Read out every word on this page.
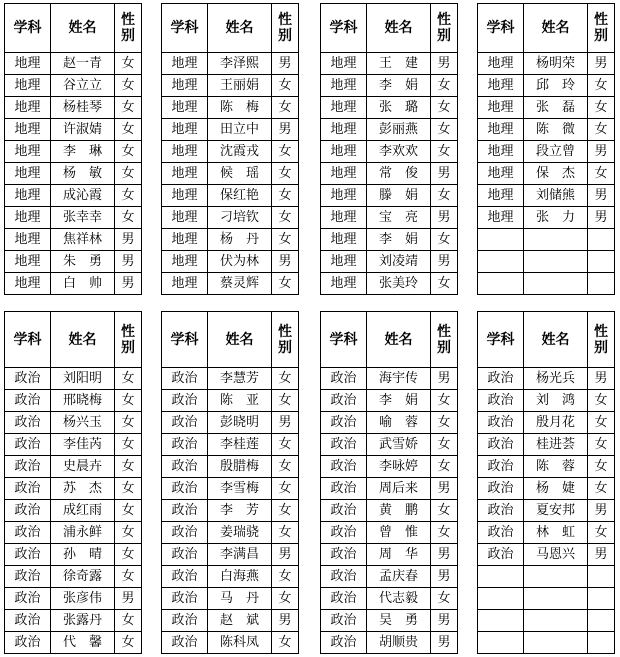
学科	姓名	性别
地理	赵一青	女
地理	谷立立	女
地理	杨桂琴	女
地理	许淑婧	女
地理	李　琳	女
地理	杨　敏	女
地理	成沁霞	女
地理	张幸幸	女
地理	焦祥林	男
地理	朱　勇	男
地理	白　帅	男
学科	姓名	性别
地理	李泽熙	男
地理	王丽娟	女
地理	陈　梅	女
地理	田立中	男
地理	沈霞戎	女
地理	候　瑶	女
地理	保红艳	女
地理	刁培钦	女
地理	杨　丹	女
地理	伏为林	男
地理	蔡灵辉	女
学科	姓名	性别
地理	王　建	男
地理	李　娟	女
地理	张　璐	女
地理	彭丽燕	女
地理	李欢欢	女
地理	常　俊	男
地理	滕　娟	女
地理	宝　亮	男
地理	李　娟	女
地理	刘凌靖	男
地理	张美玲	女
学科	姓名	性别
地理	杨明荣	男
地理	邱　玲	女
地理	张　磊	女
地理	陈　微	女
地理	段立曾	男
地理	保　杰	女
地理	刘储熊	男
地理	张　力	男

学科	姓名	性别
政治	刘阳明	女
政治	邢晓梅	女
政治	杨兴玉	女
政治	李佳芮	女
政治	史晨卉	女
政治	苏　杰	女
政治	成红雨	女
政治	浦永鲜	女
政治	孙　晴	女
政治	徐奇露	女
政治	张彦伟	男
政治	张露丹	女
政治	代　馨	女
学科	姓名	性别
政治	李慧芳	女
政治	陈　亚	女
政治	彭晓明	男
政治	李桂莲	女
政治	殷腊梅	女
政治	李雪梅	女
政治	李　芳	女
政治	姜瑞骁	女
政治	李满昌	男
政治	白海燕	女
政治	马　丹	女
政治	赵　斌	男
政治	陈科凤	女
学科	姓名	性别
政治	海宇传	男
政治	李　娟	女
政治	喻　蓉	女
政治	武雪娇	女
政治	李咏婷	女
政治	周后来	男
政治	黄　鹏	女
政治	曾　惟	女
政治	周　华	男
政治	孟庆春	男
政治	代志毅	女
政治	吴　勇	男
政治	胡顺贵	男
学科	姓名	性别
政治	杨光兵	男
政治	刘　鸿	女
政治	殷月花	女
政治	桂进荟	女
政治	陈　蓉	女
政治	杨　婕	女
政治	夏安邦	男
政治	林　虹	女
政治	马恩兴	男
